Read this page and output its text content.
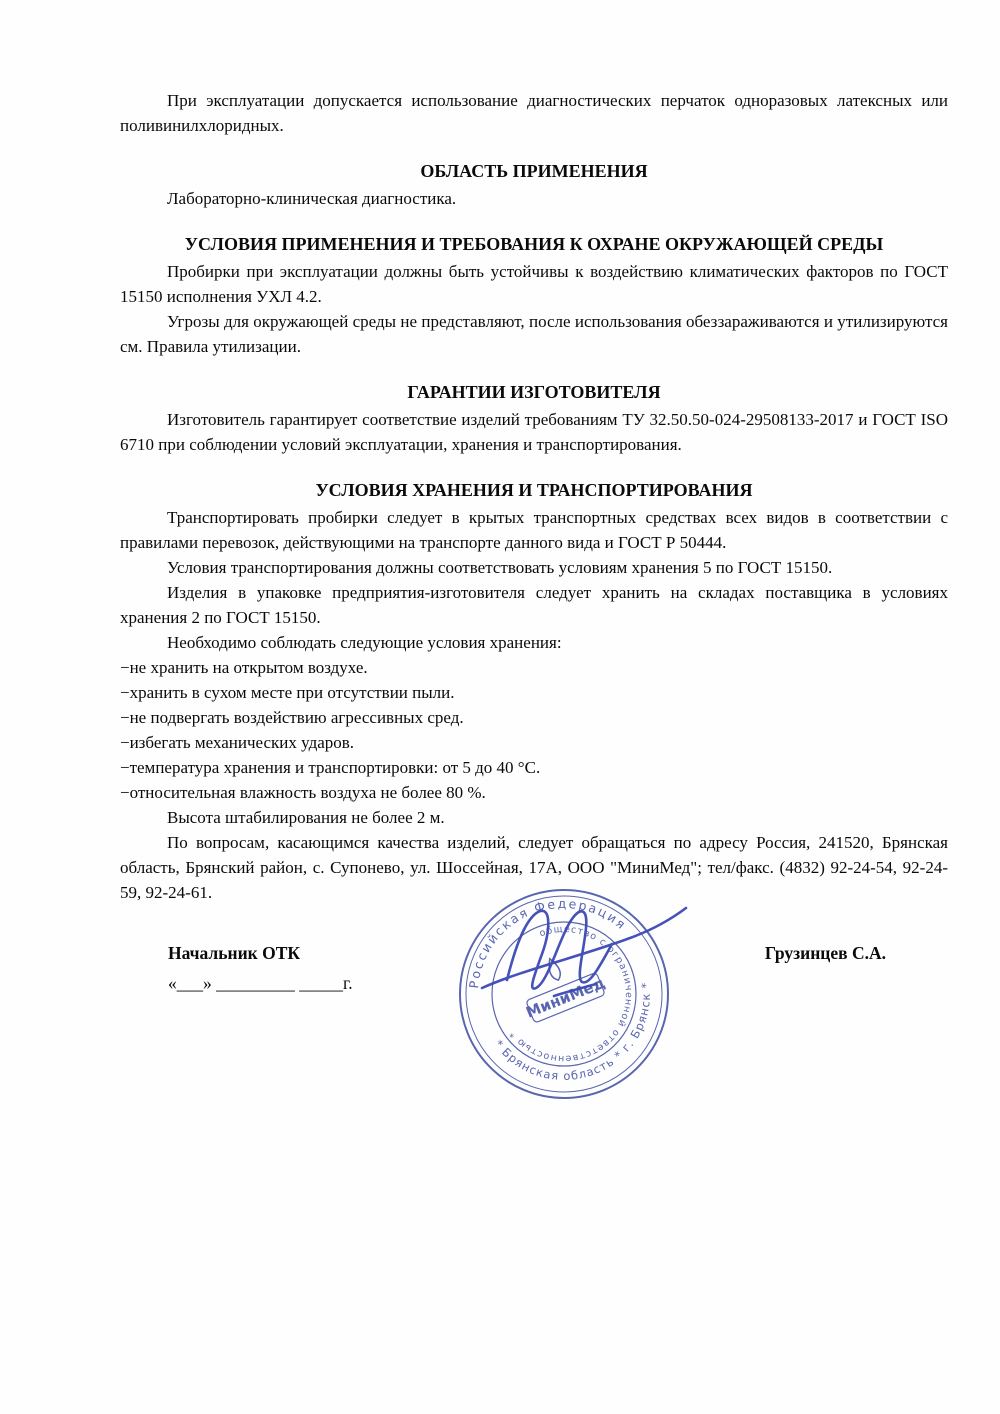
При эксплуатации допускается использование диагностических перчаток одноразовых латексных или поливинилхлоридных.

ОБЛАСТЬ ПРИМЕНЕНИЯ

Лабораторно-клиническая диагностика.

УСЛОВИЯ ПРИМЕНЕНИЯ И ТРЕБОВАНИЯ К ОХРАНЕ ОКРУЖАЮЩЕЙ СРЕДЫ

Пробирки при эксплуатации должны быть устойчивы к воздействию климатических факторов по ГОСТ 15150 исполнения УХЛ 4.2.

Угрозы для окружающей среды не представляют, после использования обеззараживаются и утилизируются см. Правила утилизации.

ГАРАНТИИ ИЗГОТОВИТЕЛЯ

Изготовитель гарантирует соответствие изделий требованиям ТУ 32.50.50-024-29508133-2017 и ГОСТ ISO 6710 при соблюдении условий эксплуатации, хранения и транспортирования.

УСЛОВИЯ ХРАНЕНИЯ И ТРАНСПОРТИРОВАНИЯ

Транспортировать пробирки следует в крытых транспортных средствах всех видов в соответствии с правилами перевозок, действующими на транспорте данного вида и ГОСТ Р 50444.

Условия транспортирования должны соответствовать условиям хранения 5 по ГОСТ 15150.

Изделия в упаковке предприятия-изготовителя следует хранить на складах поставщика в условиях хранения 2 по ГОСТ 15150.

Необходимо соблюдать следующие условия хранения:

−не хранить на открытом воздухе.

−хранить в сухом месте при отсутствии пыли.

−не подвергать воздействию агрессивных сред.

−избегать механических ударов.

−температура хранения и транспортировки: от 5 до 40 °С.

−относительная влажность воздуха не более 80 %.

Высота штабилирования не более 2 м.

По вопросам, касающимся качества изделий, следует обращаться по адресу Россия, 241520, Брянская область, Брянский район, с. Супонево, ул. Шоссейная, 17А, ООО "МиниМед"; тел/факс. (4832) 92-24-54, 92-24-59, 92-24-61.

Начальник ОТК
«___» _________ _____г.
Грузинцев С.А.
Российская Федерация
* Брянская область * г. Брянск *
общество с ограниченной ответственностью *
МиниМед
